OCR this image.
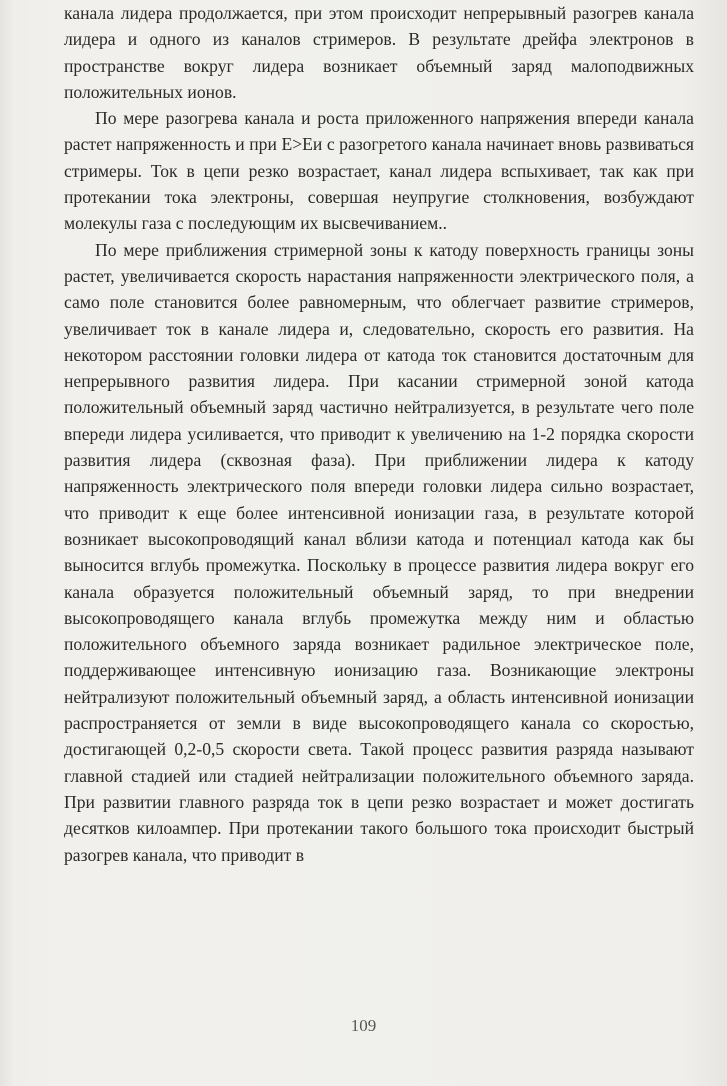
канала лидера продолжается, при этом происходит непрерывный разогрев канала лидера и одного из каналов стримеров. В результате дрейфа электронов в пространстве вокруг лидера возникает объемный заряд малоподвижных положительных ионов.

По мере разогрева канала и роста приложенного напряжения впереди канала растет напряженность и при E>Eи с разогретого канала начинает вновь развиваться стримеры. Ток в цепи резко возрастает, канал лидера вспыхивает, так как при протекании тока электроны, совершая неупругие столкновения, возбуждают молекулы газа с последующим их высвечиванием..

По мере приближения стримерной зоны к катоду поверхность границы зоны растет, увеличивается скорость нарастания напряженности электрического поля, а само поле становится более равномерным, что облегчает развитие стримеров, увеличивает ток в канале лидера и, следовательно, скорость его развития. На некотором расстоянии головки лидера от катода ток становится достаточным для непрерывного развития лидера. При касании стримерной зоной катода положительный объемный заряд частично нейтрализуется, в результате чего поле впереди лидера усиливается, что приводит к увеличению на 1-2 порядка скорости развития лидера (сквозная фаза). При приближении лидера к катоду напряженность электрического поля впереди головки лидера сильно возрастает, что приводит к еще более интенсивной ионизации газа, в результате которой возникает высокопроводящий канал вблизи катода и потенциал катода как бы выносится вглубь промежутка. Поскольку в процессе развития лидера вокруг его канала образуется положительный объемный заряд, то при внедрении высокопроводящего канала вглубь промежутка между ним и областью положительного объемного заряда возникает радильное электрическое поле, поддерживающее интенсивную ионизацию газа. Возникающие электроны нейтрализуют положительный объемный заряд, а область интенсивной ионизации распространяется от земли в виде высокопроводящего канала со скоростью, достигающей 0,2-0,5 скорости света. Такой процесс развития разряда называют главной стадией или стадией нейтрализации положительного объемного заряда. При развитии главного разряда ток в цепи резко возрастает и может достигать десятков килоампер. При протекании такого большого тока происходит быстрый разогрев канала, что приводит в

109
